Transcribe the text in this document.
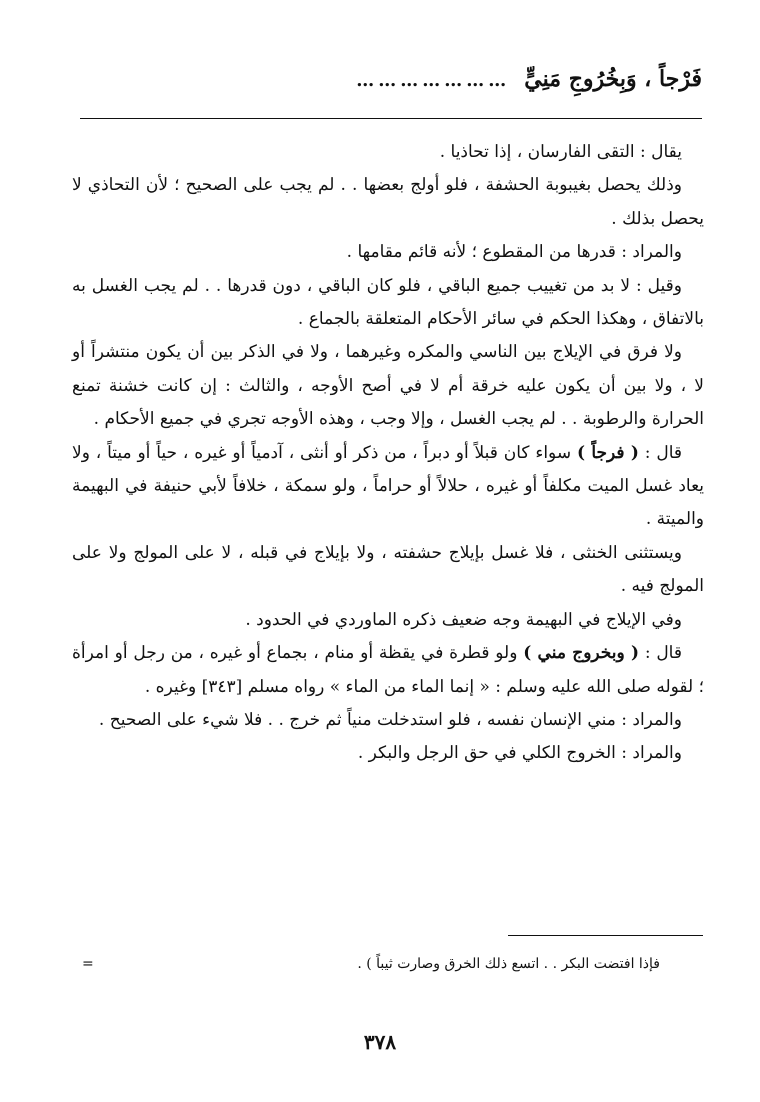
فَرْجاً ، وَبِخُرُوجِ مَنِيٍّ
…………………

يقال : التقى الفارسان ، إذا تحاذيا .

وذلك يحصل بغيبوبة الحشفة ، فلو أولج بعضها . . لم يجب على الصحيح ؛ لأن التحاذي لا يحصل بذلك .

والمراد : قدرها من المقطوع ؛ لأنه قائم مقامها .

وقيل : لا بد من تغييب جميع الباقي ، فلو كان الباقي ، دون قدرها . . لم يجب الغسل به بالاتفاق ، وهكذا الحكم في سائر الأحكام المتعلقة بالجماع .

ولا فرق في الإيلاج بين الناسي والمكره وغيرهما ، ولا في الذكر بين أن يكون منتشراً أو لا ، ولا بين أن يكون عليه خرقة أم لا في أصح الأوجه ، والثالث : إن كانت خشنة تمنع الحرارة والرطوبة . . لم يجب الغسل ، وإلا وجب ، وهذه الأوجه تجري في جميع الأحكام .

قال : ( فرجاً ) سواء كان قبلاً أو دبراً ، من ذكر أو أنثى ، آدمياً أو غيره ، حياً أو ميتاً ، ولا يعاد غسل الميت مكلفاً أو غيره ، حلالاً أو حراماً ، ولو سمكة ، خلافاً لأبي حنيفة في البهيمة والميتة .

ويستثنى الخنثى ، فلا غسل بإيلاج حشفته ، ولا بإيلاج في قبله ، لا على المولج ولا على المولج فيه .

وفي الإيلاج في البهيمة وجه ضعيف ذكره الماوردي في الحدود .

قال : ( وبخروج مني ) ولو قطرة في يقظة أو منام ، بجماع أو غيره ، من رجل أو امرأة ؛ لقوله صلى الله عليه وسلم : « إنما الماء من الماء » رواه مسلم [٣٤٣] وغيره .

والمراد : مني الإنسان نفسه ، فلو استدخلت منياً ثم خرج . . فلا شيء على الصحيح .

والمراد : الخروج الكلي في حق الرجل والبكر .

=	فإذا افتضت البكر . . اتسع ذلك الخرق وصارت ثيباً ) .
٣٧٨
